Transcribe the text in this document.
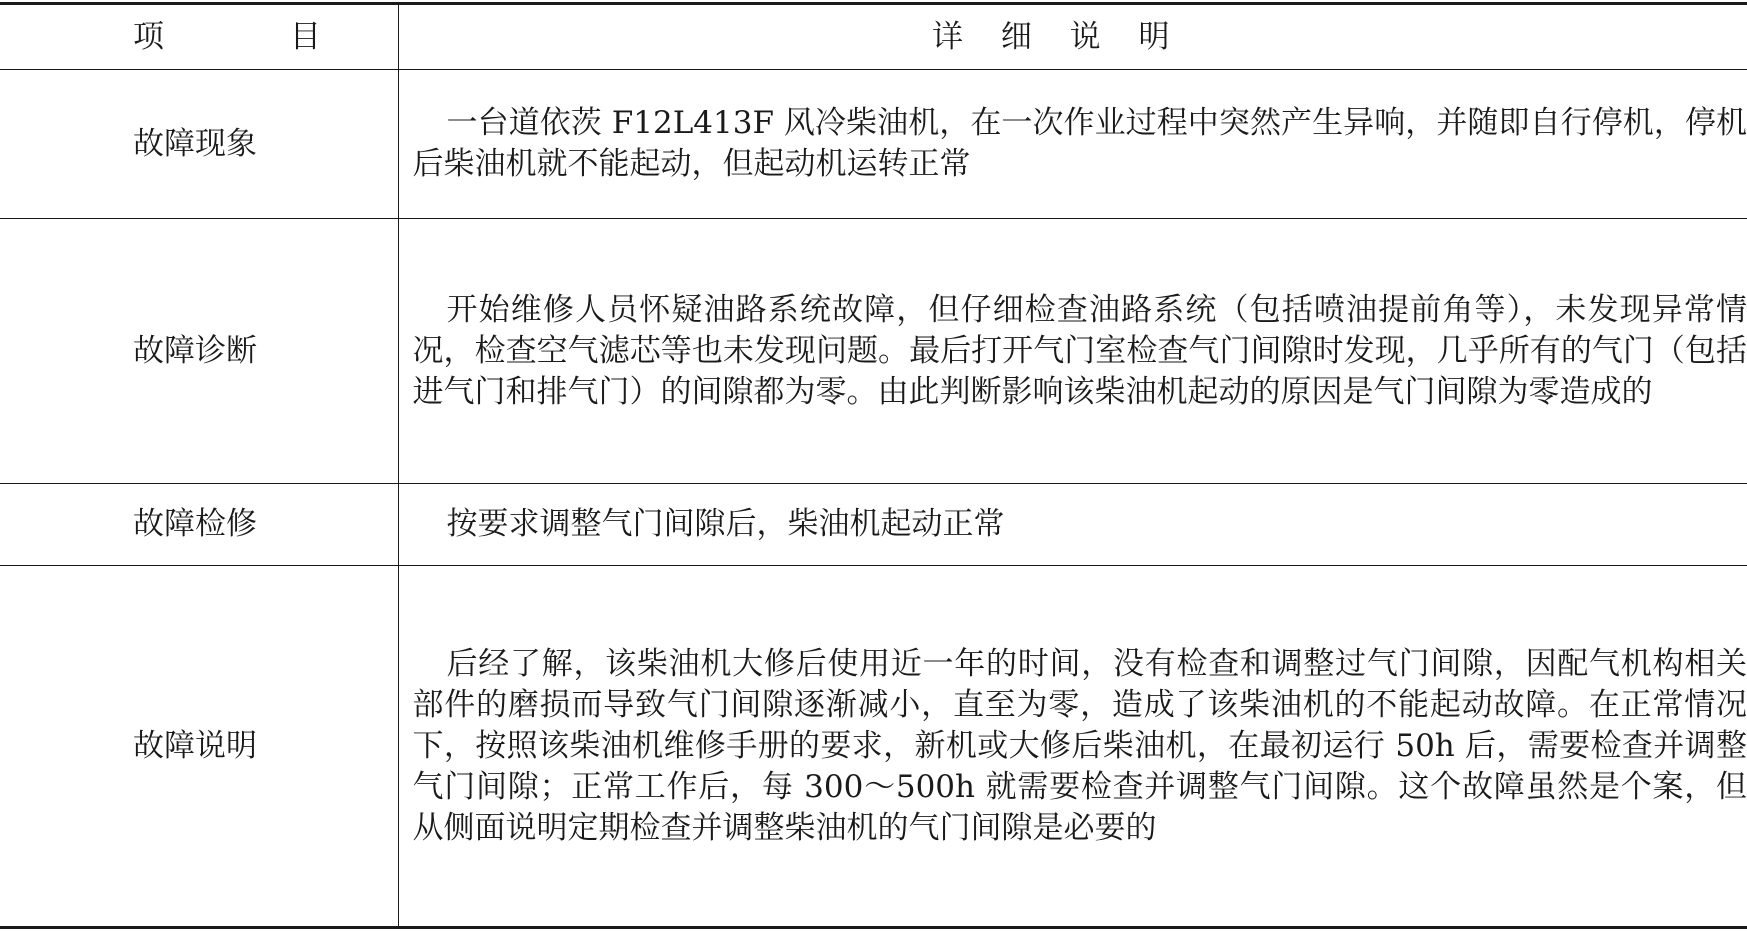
项 目	详 细 说 明
故障现象	一台道依茨 F12L413F 风冷柴油机，在一次作业过程中突然产生异响，并随即自行停机，停机后柴油机就不能起动，但起动机运转正常

故障诊断	开始维修人员怀疑油路系统故障，但仔细检查油路系统（包括喷油提前角等），未发现异常情况，检查空气滤芯等也未发现问题。最后打开气门室检查气门间隙时发现，几乎所有的气门（包括进气门和排气门）的间隙都为零。由此判断影响该柴油机起动的原因是气门间隙为零造成的

故障检修	按要求调整气门间隙后，柴油机起动正常

故障说明	后经了解，该柴油机大修后使用近一年的时间，没有检查和调整过气门间隙，因配气机构相关部件的磨损而导致气门间隙逐渐减小，直至为零，造成了该柴油机的不能起动故障。在正常情况下，按照该柴油机维修手册的要求，新机或大修后柴油机，在最初运行 50h 后，需要检查并调整气门间隙；正常工作后，每 300～500h 就需要检查并调整气门间隙。这个故障虽然是个案，但从侧面说明定期检查并调整柴油机的气门间隙是必要的
